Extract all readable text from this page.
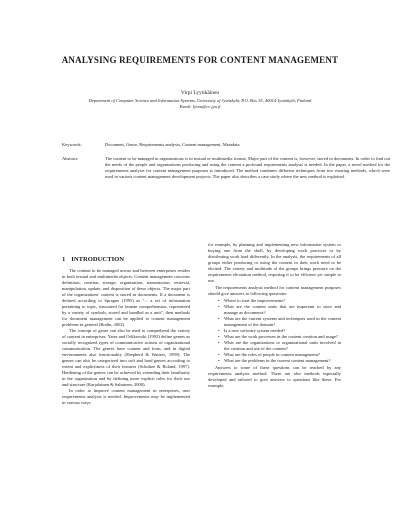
ANALYSING REQUIREMENTS FOR CONTENT MANAGEMENT
Virpi Lyytikäinen
Department of Computer Science and Information Systems, University of Jyväskylä, P.O. Box 35, 40014 Jyväskylä, Finland
Email: lyvsa@cc.jyu.fi
Keywords:	Document, Genre, Requirements analysis, Content management, Metadata
Abstract:	The content to be managed in organizations is in textual or multimedia format. Major part of the content is, however, stored in documents. In order to find out the needs of the people and organizations producing and using the content a profound requirements analysis is needed. In the paper, a novel method for the requirements analysis for content management purposes is introduced. The method combines different techniques from two existing methods, which were used in various content management development projects. The paper also describes a case study where the new method is exploited.

1 INTRODUCTION

The content to be managed across and between enterprises resides in both textual and multimedia objects. Content management concerns definition, creation, storage, organization, transmission, retrieval, manipulation, update, and disposition of these objects. The major part of the organizations' content is stored in documents. If a document is defined according to Sprague (1995) as "... a set of information pertaining to topic, structured for human comprehension, represented by a variety of symbols, stored and handled as a unit", then methods for document management can be applied to content management problems in general (Bodin, 2002).

The concept of genre can also be used to comprehend the variety of content in enterprises. Yates and Orlikowski (1992) define genres as socially recognized types of communicative actions of organizational communication. The genres have content and form, and in digital environments also functionality (Shepherd & Watters, 1999). The genres can also be categorized into soft and hard genres according to extent and explicitness of their features (Schultze & Boland, 1997). Hardening of the genres can be achieved by extending their familiarity in the organization and by defining more explicit rules for their use and structure (Karjalainen & Salminen, 2000).

In order to improve content management in enterprises, user requirements analysis is needed. Improvements may be implemented in various ways:

for example, by planning and implementing new information system or buying one from the shelf, by developing work practices or by distributing work load differently. In the analysis, the requirements of all groups either producing or using the content in their work need to be elicited. The variety and multitude of the groups brings pressure on the requirements elicitation method, requiring it to be efficient yet simple to use.

The requirements analysis method for content management purposes should give answers to following questions:

• Where to start the improvements?
• What are the content units that are important to store and manage as documents?
• What are the current systems and techniques used in the content management of the domain?
• Is a new software system needed?
• What are the work processes in the content creation and usage?
• What are the organizations or organizational units involved in the creation and use of the content?
• What are the roles of people in content management?
• What are the problems in the current content management?

Answers to some of these questions can be reached by any requirements analysis method. There are also methods especially developed and tailored to give answers to questions like these. For example,
